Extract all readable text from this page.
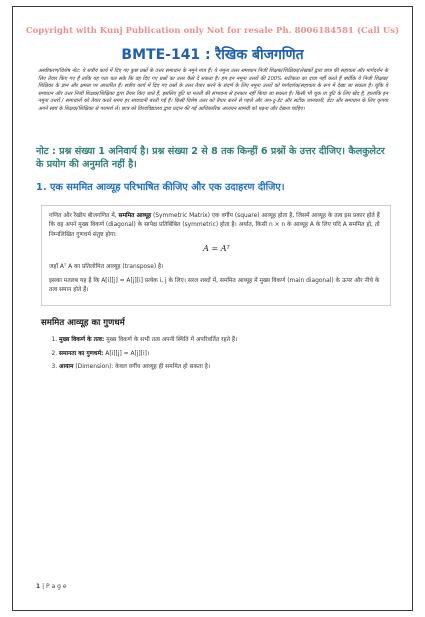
Copyright with Kunj Publication only Not for resale Ph. 8006184581 (Call Us)
BMTE-141 : रैखिक बीजगणित
अस्वीकरण/विशेष नोट: ये सत्रीय कार्य में दिए गए कुछ प्रश्नों के उत्तर समाधान के नमूने मात्र हैं। ये नमूना उत्तर समाधान निजी शिक्षक/शिक्षिका/लेखकों द्वारा छात्र की सहायता और मार्गदर्शन के लिए तैयार किए गए हैं ताकि यह पता चल सके कि वह दिए गए प्रश्नों का उत्तर कैसे दे सकता है। हम इन नमूना उत्तरों की 100% सटीकता का दावा नहीं करते हैं क्योंकि ये निजी शिक्षक/शिक्षिका के ज्ञान और क्षमता पर आधारित हैं। सत्रीय कार्य में दिए गए प्रश्नों के उत्तर तैयार करने के संदर्भ के लिए नमूना उत्तरों को मार्गदर्शक/सहायता के रूप में देखा जा सकता है। चूंकि ये समाधान और उत्तर निजी शिक्षक/शिक्षिका द्वारा तैयार किए जाते हैं, इसलिए त्रुटि या गलती की संभावना से इनकार नहीं किया जा सकता है। किसी भी चूक या त्रुटि के लिए खेद है, हालांकि इन नमूना उत्तरों / समाधानों को तैयार करते समय हर सावधानी बरती गई है। किसी विशेष उत्तर को तैयार करने से पहले और अप-टू-डेट और सटीक जानकारी, डेटा और समाधान के लिए कृपया अपने स्वयं के शिक्षक/शिक्षिका से परामर्श लें। छात्र को विश्वविद्यालय द्वारा प्रदान की गई आधिकारिक अध्ययन सामग्री को पढ़ना और देखना चाहिए।
नोट : प्रश्न संख्या 1 अनिवार्य है। प्रश्न संख्या 2 से 8 तक किन्हीं 6 प्रश्नों के उत्तर दीजिए। कैलकुलेटर के प्रयोग की अनुमति नहीं है।
1. एक सममित आव्यूह परिभाषित कीजिए और एक उदाहरण दीजिए।

गणित और रैखीय बीजगणित में, सममित आव्यूह (Symmetric Matrix) एक वर्गीय (square) आव्यूह होता है, जिसमें आव्यूह के तत्व इस प्रकार होते हैं कि वह अपने मुख्य विकर्ण (diagonal) के सापेक्ष प्रतिबिंबित (symmetric) होता है। अर्थात, किसी n × n के आव्यूह A के लिए यदि A सममित हो, तो निम्नलिखित गुणधर्म संतुष्ट होगा:

A = Aᵀ

जहाँ Aᵀ A का प्रतिलोमित आव्यूह (transpose) है।

इसका मतलब यह है कि A[i][j] = A[j][i] प्रत्येक i, j के लिए। सरल शब्दों में, सममित आव्यूह में मुख्य विकर्ण (main diagonal) के ऊपर और नीचे के तत्व समान होते हैं।

सममित आव्यूह का गुणधर्म
1. मुख्य विकर्ण के तत्व: मुख्य विकर्ण के सभी तत्व अपनी स्थिति में अपरिवर्तित रहते हैं।
2. समानता का गुणधर्म: A[i][j] = A[j][i]।
3. आयाम (Dimension): केवल वर्गीय आव्यूह ही सममित हो सकता है।
1 | P a g e
